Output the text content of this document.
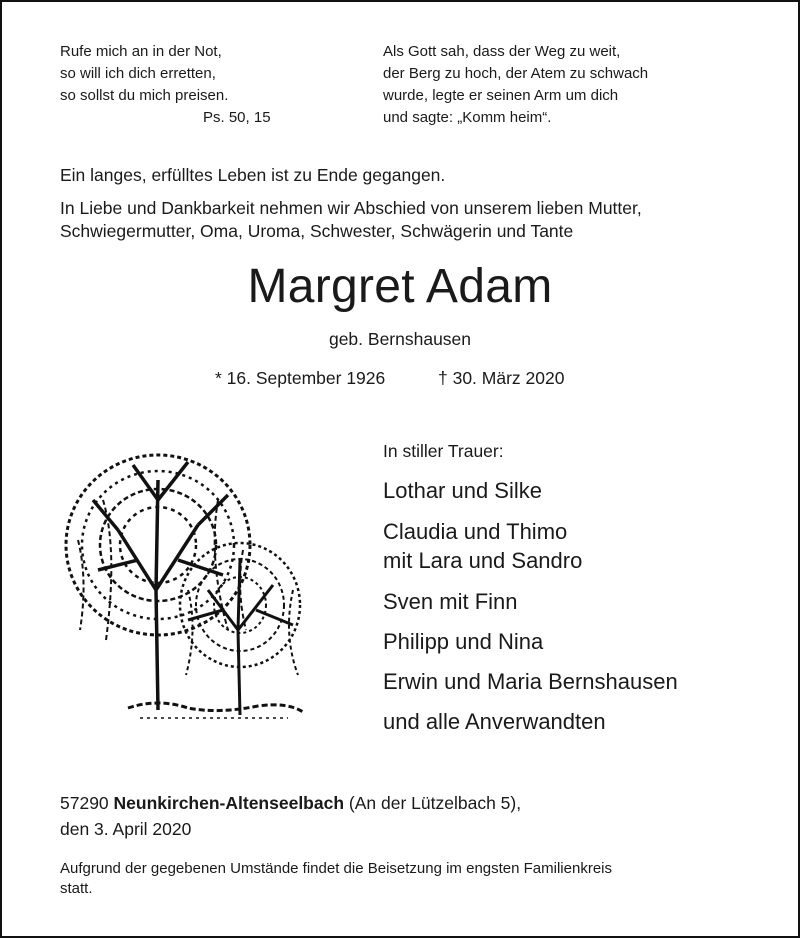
Rufe mich an in der Not,
so will ich dich erretten,
so sollst du mich preisen.
Ps. 50, 15
Als Gott sah, dass der Weg zu weit,
der Berg zu hoch, der Atem zu schwach
wurde, legte er seinen Arm um dich
und sagte: „Komm heim“.
Ein langes, erfülltes Leben ist zu Ende gegangen.
In Liebe und Dankbarkeit nehmen wir Abschied von unserem lieben Mutter,
Schwiegermutter, Oma, Uroma, Schwester, Schwägerin und Tante
Margret Adam
geb. Bernshausen
* 16. September 1926	† 30. März 2020
In stiller Trauer:
Lothar und Silke
Claudia und Thimo
mit Lara und Sandro
Sven mit Finn
Philipp und Nina
Erwin und Maria Bernshausen
und alle Anverwandten
57290 Neunkirchen-Altenseelbach (An der Lützelbach 5),
den 3. April 2020
Aufgrund der gegebenen Umstände findet die Beisetzung im engsten Familienkreis
statt.
